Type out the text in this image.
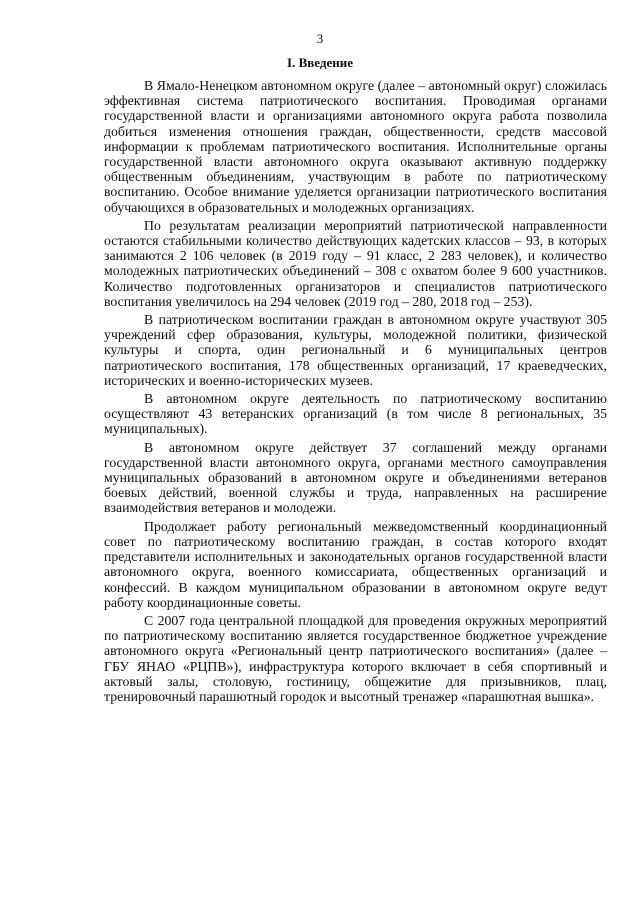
3
I. Введение

В Ямало-Ненецком автономном округе (далее – автономный округ) сложилась эффективная система патриотического воспитания. Проводимая органами государственной власти и организациями автономного округа работа позволила добиться изменения отношения граждан, общественности, средств массовой информации к проблемам патриотического воспитания. Исполнительные органы государственной власти автономного округа оказывают активную поддержку общественным объединениям, участвующим в работе по патриотическому воспитанию. Особое внимание уделяется организации патриотического воспитания обучающихся в образовательных и молодежных организациях.

По результатам реализации мероприятий патриотической направленности остаются стабильными количество действующих кадетских классов – 93, в которых занимаются 2 106 человек (в 2019 году – 91 класс, 2 283 человек), и количество молодежных патриотических объединений – 308 с охватом более 9 600 участников. Количество подготовленных организаторов и специалистов патриотического воспитания увеличилось на 294 человек (2019 год – 280, 2018 год – 253).

В патриотическом воспитании граждан в автономном округе участвуют 305 учреждений сфер образования, культуры, молодежной политики, физической культуры и спорта, один региональный и 6 муниципальных центров патриотического воспитания, 178 общественных организаций, 17 краеведческих, исторических и военно-исторических музеев.

В автономном округе деятельность по патриотическому воспитанию осуществляют 43 ветеранских организаций (в том числе 8 региональных, 35 муниципальных).

В автономном округе действует 37 соглашений между органами государственной власти автономного округа, органами местного самоуправления муниципальных образований в автономном округе и объединениями ветеранов боевых действий, военной службы и труда, направленных на расширение взаимодействия ветеранов и молодежи.

Продолжает работу региональный межведомственный координационный совет по патриотическому воспитанию граждан, в состав которого входят представители исполнительных и законодательных органов государственной власти автономного округа, военного комиссариата, общественных организаций и конфессий. В каждом муниципальном образовании в автономном округе ведут работу координационные советы.

С 2007 года центральной площадкой для проведения окружных мероприятий по патриотическому воспитанию является государственное бюджетное учреждение автономного округа «Региональный центр патриотического воспитания» (далее – ГБУ ЯНАО «РЦПВ»), инфраструктура которого включает в себя спортивный и актовый залы, столовую, гостиницу, общежитие для призывников, плац, тренировочный парашютный городок и высотный тренажер «парашютная вышка».
